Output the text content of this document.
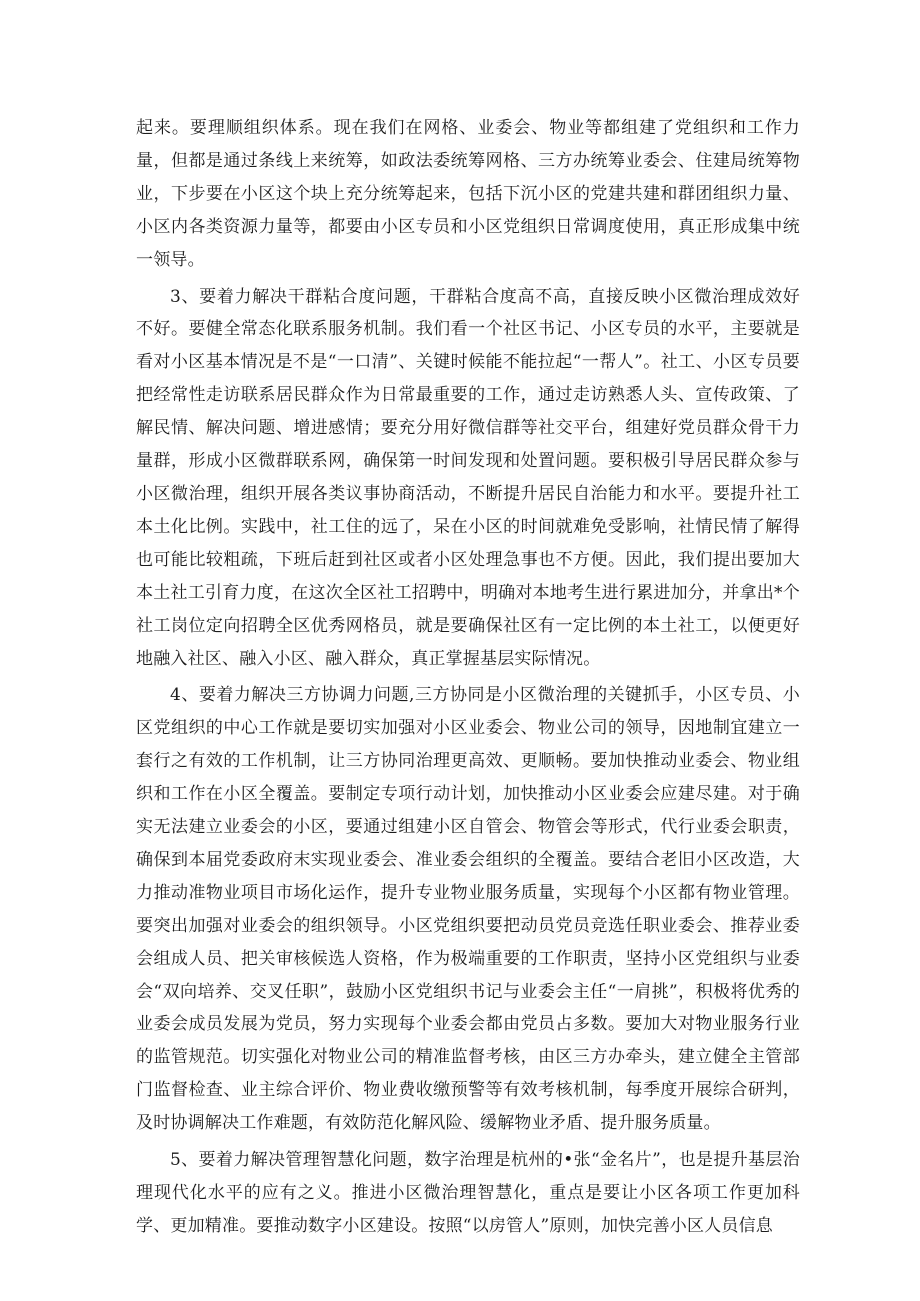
起来。要理顺组织体系。现在我们在网格、业委会、物业等都组建了党组织和工作力量，但都是通过条线上来统筹，如政法委统筹网格、三方办统筹业委会、住建局统筹物业，下步要在小区这个块上充分统筹起来，包括下沉小区的党建共建和群团组织力量、小区内各类资源力量等，都要由小区专员和小区党组织日常调度使用，真正形成集中统一领导。

3、要着力解决干群粘合度问题，干群粘合度高不高，直接反映小区微治理成效好不好。要健全常态化联系服务机制。我们看一个社区书记、小区专员的水平，主要就是看对小区基本情况是不是“一口清”、关键时候能不能拉起“一帮人”。社工、小区专员要把经常性走访联系居民群众作为日常最重要的工作，通过走访熟悉人头、宣传政策、了解民情、解决问题、增进感情；要充分用好微信群等社交平台，组建好党员群众骨干力量群，形成小区微群联系网，确保第一时间发现和处置问题。要积极引导居民群众参与小区微治理，组织开展各类议事协商活动，不断提升居民自治能力和水平。要提升社工本土化比例。实践中，社工住的远了，呆在小区的时间就难免受影响，社情民情了解得也可能比较粗疏，下班后赶到社区或者小区处理急事也不方便。因此，我们提出要加大本土社工引育力度，在这次全区社工招聘中，明确对本地考生进行累进加分，并拿出*个社工岗位定向招聘全区优秀网格员，就是要确保社区有一定比例的本土社工，以便更好地融入社区、融入小区、融入群众，真正掌握基层实际情况。

4、要着力解决三方协调力问题,三方协同是小区微治理的关键抓手，小区专员、小区党组织的中心工作就是要切实加强对小区业委会、物业公司的领导，因地制宜建立一套行之有效的工作机制，让三方协同治理更高效、更顺畅。要加快推动业委会、物业组织和工作在小区全覆盖。要制定专项行动计划，加快推动小区业委会应建尽建。对于确实无法建立业委会的小区，要通过组建小区自管会、物管会等形式，代行业委会职责，确保到本届党委政府末实现业委会、准业委会组织的全覆盖。要结合老旧小区改造，大力推动准物业项目市场化运作，提升专业物业服务质量，实现每个小区都有物业管理。要突出加强对业委会的组织领导。小区党组织要把动员党员竞选任职业委会、推荐业委会组成人员、把关审核候选人资格，作为极端重要的工作职责，坚持小区党组织与业委会“双向培养、交叉任职”，鼓励小区党组织书记与业委会主任“一肩挑”，积极将优秀的业委会成员发展为党员，努力实现每个业委会都由党员占多数。要加大对物业服务行业的监管规范。切实强化对物业公司的精准监督考核，由区三方办牵头，建立健全主管部门监督检查、业主综合评价、物业费收缴预警等有效考核机制，每季度开展综合研判，及时协调解决工作难题，有效防范化解风险、缓解物业矛盾、提升服务质量。

5、要着力解决管理智慧化问题，数字治理是杭州的•张“金名片”，也是提升基层治理现代化水平的应有之义。推进小区微治理智慧化，重点是要让小区各项工作更加科学、更加精准。要推动数字小区建设。按照“以房管人”原则，加快完善小区人员信息
